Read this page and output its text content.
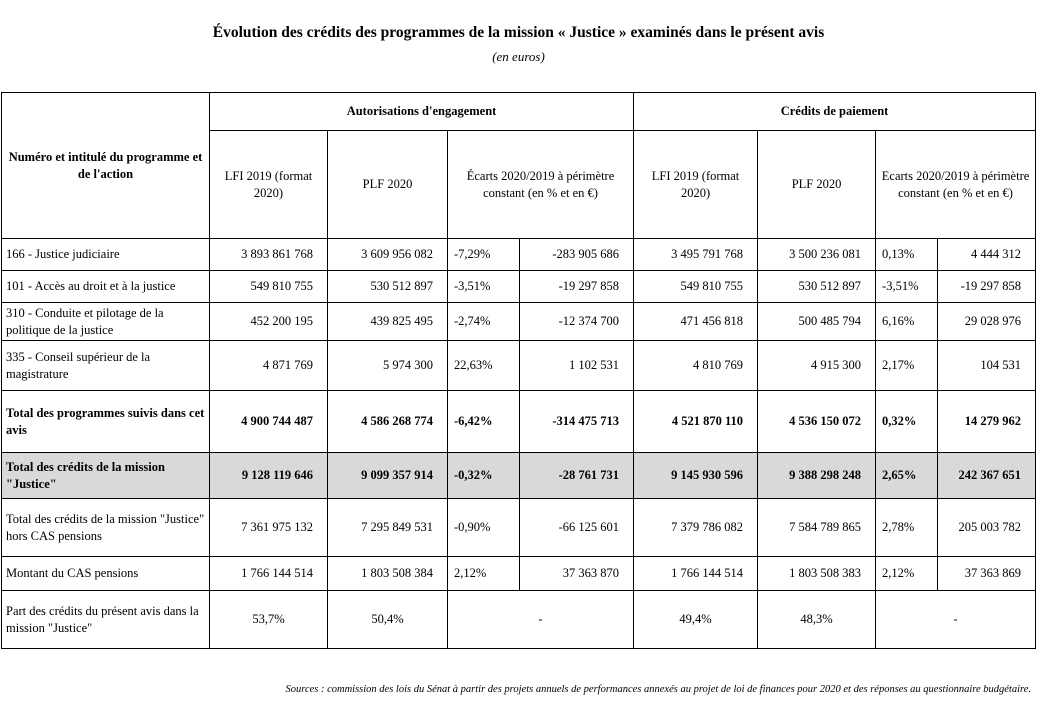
Évolution des crédits des programmes de la mission « Justice » examinés dans le présent avis
(en euros)
Numéro et intitulé du programme et de l'action	Autorisations d'engagement				Crédits de paiement			
	LFI 2019 (format 2020)	PLF 2020	Écarts 2020/2019 à périmètre constant (en % et en €)		LFI 2019 (format 2020)	PLF 2020	Ecarts 2020/2019 à périmètre constant (en % et en €)	
166 - Justice judiciaire	3 893 861 768	3 609 956 082	-7,29%	-283 905 686	3 495 791 768	3 500 236 081	0,13%	4 444 312
101 - Accès au droit et à la justice	549 810 755	530 512 897	-3,51%	-19 297 858	549 810 755	530 512 897	-3,51%	-19 297 858
310 - Conduite et pilotage de la politique de la justice	452 200 195	439 825 495	-2,74%	-12 374 700	471 456 818	500 485 794	6,16%	29 028 976
335 - Conseil supérieur de la magistrature	4 871 769	5 974 300	22,63%	1 102 531	4 810 769	4 915 300	2,17%	104 531
Total des programmes suivis dans cet avis	4 900 744 487	4 586 268 774	-6,42%	-314 475 713	4 521 870 110	4 536 150 072	0,32%	14 279 962
Total des crédits de la mission "Justice"	9 128 119 646	9 099 357 914	-0,32%	-28 761 731	9 145 930 596	9 388 298 248	2,65%	242 367 651
Total des crédits de la mission "Justice" hors CAS pensions	7 361 975 132	7 295 849 531	-0,90%	-66 125 601	7 379 786 082	7 584 789 865	2,78%	205 003 782
Montant du CAS pensions	1 766 144 514	1 803 508 384	2,12%	37 363 870	1 766 144 514	1 803 508 383	2,12%	37 363 869
Part des crédits du présent avis dans la mission "Justice"	53,7%	50,4%	-		49,4%	48,3%	-	
Sources : commission des lois du Sénat à partir des projets annuels de performances annexés au projet de loi de finances pour 2020 et des réponses au questionnaire budgétaire.
